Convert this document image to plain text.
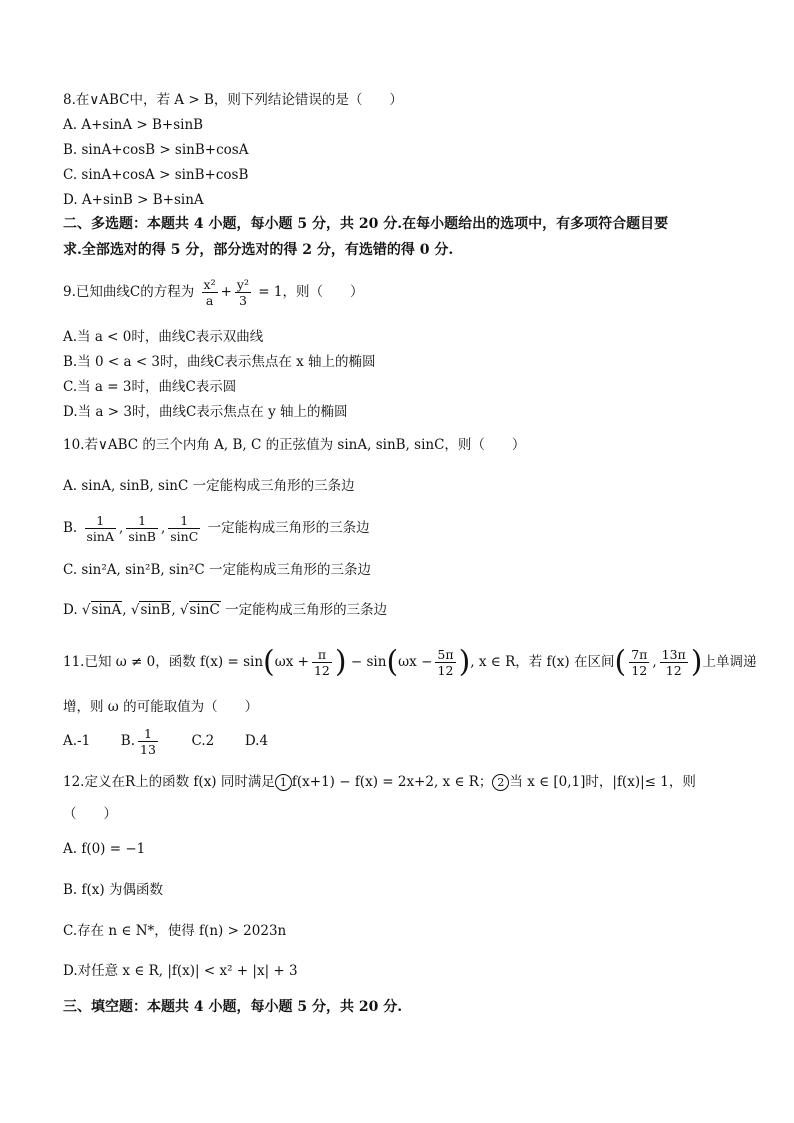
8.在∨ABC中，若 A > B，则下列结论错误的是（　　）
A. A+sinA > B+sinB
B. sinA+cosB > sinB+cosA
C. sinA+cosA > sinB+cosB
D. A+sinB > B+sinA
二、多选题：本题共 4 小题，每小题 5 分，共 20 分.在每小题给出的选项中，有多项符合题目要
求.全部选对的得 5 分，部分选对的得 2 分，有选错的得 0 分.
9.已知曲线C的方程为 $\frac{\text{x²}}{a} + \frac{\text{y²}}{3} = 1$，则（　　）
A.当 a < 0时，曲线C表示双曲线
B.当 0 < a < 3时，曲线C表示焦点在 x 轴上的椭圆
C.当 a = 3时，曲线C表示圆
D.当 a > 3时，曲线C表示焦点在 y 轴上的椭圆
10.若∨ABC 的三个内角 A, B, C 的正弦值为 sinA, sinB, sinC，则（　　）
A. sinA, sinB, sinC 一定能构成三角形的三条边
B. $\frac{1}{\sin A}$ , $\frac{1}{\sin B}$ , $\frac{1}{\sin C}$ 一定能构成三角形的三条边
C. sin²A, sin²B, sin²C 一定能构成三角形的三条边
D. √sinA, √sinB, √sinC 一定能构成三角形的三条边
11.已知 ω ≠ 0，函数 $f(x) = \sin(\omega x + \frac{\pi}{12}$ ) − $\sin(\omega x - \frac{5\pi}{12}$ ), x ∈ R，若 f(x) 在区间( $\frac{7\pi}{12}$ , $\frac{13\pi}{12}$ )上单调递
增，则 ω 的可能取值为（　　）
A.-1 B. $\frac{1}{13} C.2$ D.4
12.定义在R上的函数 f(x) 同时满足 1 f(x+1) − f(x) = 2x+2, x ∈ R； 2 当 x ∈ [0,1]时，|f(x)|≤ 1，则
（　　）
A. f(0) = −1
B. f(x) 为偶函数
C.存在 n ∈ N*，使得 f(n) > 2023n
D.对任意 x ∈ R, |f(x)| < x² + |x| + 3
三、填空题：本题共 4 小题，每小题 5 分，共 20 分.
